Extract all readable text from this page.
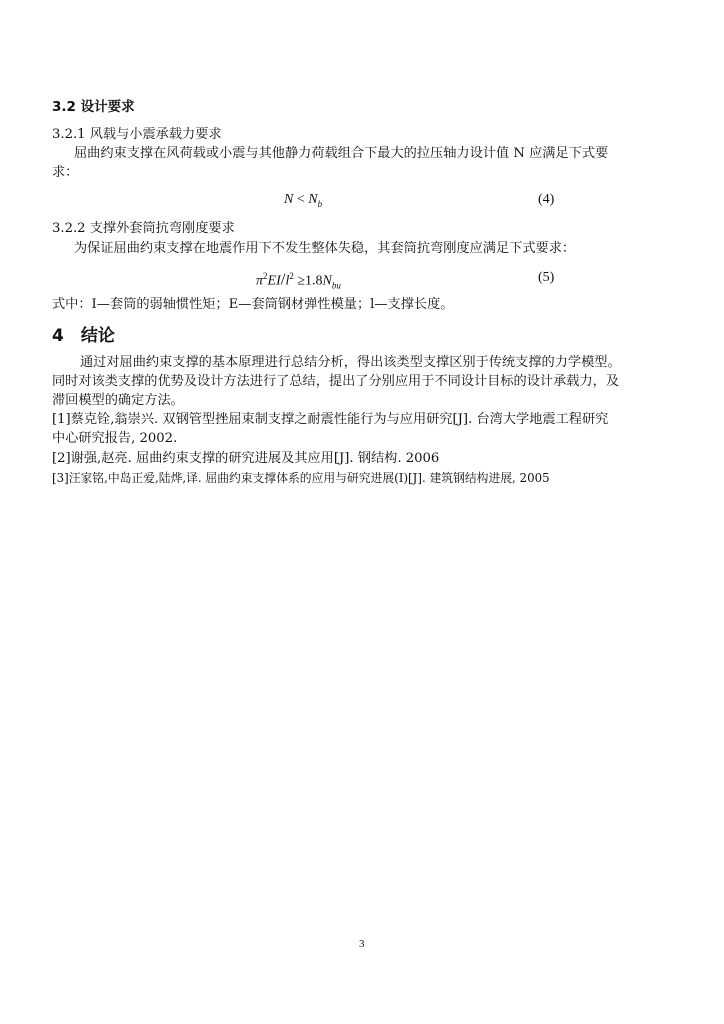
3.2 设计要求
3.2.1 风载与小震承载力要求
屈曲约束支撑在风荷载或小震与其他静力荷载组合下最大的拉压轴力设计值 N 应满足下式要
求：
$N < N_b$	(4)
3.2.2 支撑外套筒抗弯刚度要求
为保证屈曲约束支撑在地震作用下不发生整体失稳，其套筒抗弯刚度应满足下式要求：
$\pi^2EI/l^2 \ge 1.8N_{bu}$
(5)
式中：I—套筒的弱轴惯性矩；E—套筒钢材弹性模量；l—支撑长度。
4　结论
通过对屈曲约束支撑的基本原理进行总结分析，得出该类型支撑区别于传统支撑的力学模型。
同时对该类支撑的优势及设计方法进行了总结，提出了分别应用于不同设计目标的设计承载力，及
滞回模型的确定方法。
[1]蔡克铨,翁崇兴. 双钢管型挫屈束制支撑之耐震性能行为与应用研究[J]. 台湾大学地震工程研究
中心研究报告, 2002.
[2]谢强,赵亮. 屈曲约束支撑的研究进展及其应用[J]. 钢结构. 2006
[3]汪家铭,中岛正爱,陆烨,译. 屈曲约束支撑体系的应用与研究进展(I)[J]. 建筑钢结构进展, 2005
3
